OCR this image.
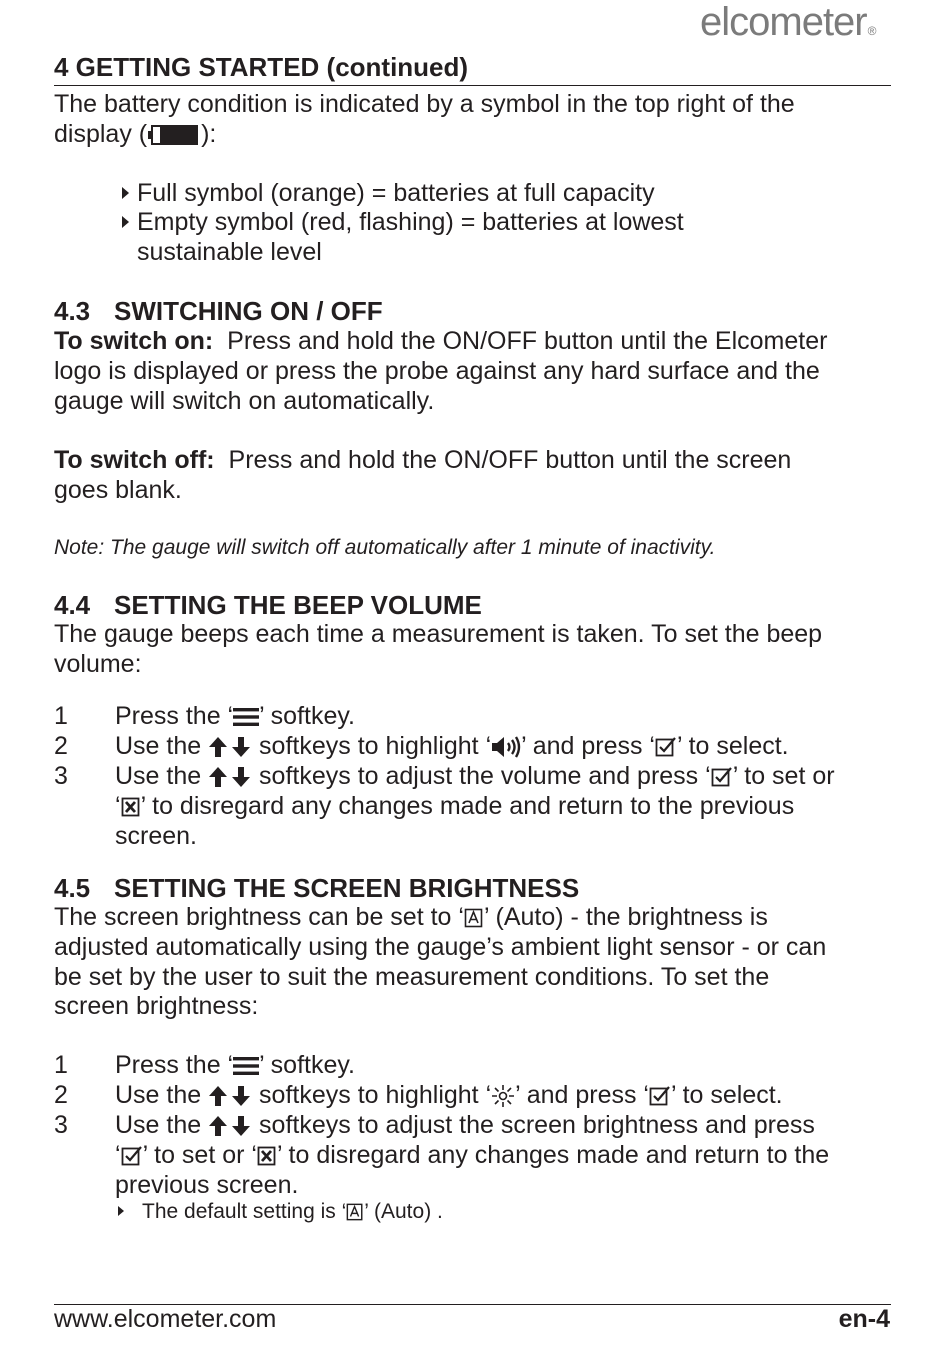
elcometer®
4 GETTING STARTED (continued)
The battery condition is indicated by a symbol in the top right of the
display ( ):
Full symbol (orange) = batteries at full capacity
Empty symbol (red, flashing) = batteries at lowest
sustainable level
4.3 SWITCHING ON / OFF
To switch on: Press and hold the ON/OFF button until the Elcometer
logo is displayed or press the probe against any hard surface and the
gauge will switch on automatically.
To switch off: Press and hold the ON/OFF button until the screen
goes blank.
Note: The gauge will switch off automatically after 1 minute of inactivity.
4.4 SETTING THE BEEP VOLUME
The gauge beeps each time a measurement is taken. To set the beep
volume:
1 Press the ‘ ’ softkey.
2 Use the  softkeys to highlight ‘ ’ and press ‘ ’ to select.
3 Use the  softkeys to adjust the volume and press ‘ ’ to set or
‘ ’ to disregard any changes made and return to the previous
screen.
4.5 SETTING THE SCREEN BRIGHTNESS
The screen brightness can be set to ‘ ’ (Auto) - the brightness is
adjusted automatically using the gauge’s ambient light sensor - or can
be set by the user to suit the measurement conditions. To set the
screen brightness:
1 Press the ‘ ’ softkey.
2 Use the  softkeys to highlight ‘ ’ and press ‘ ’ to select.
3 Use the  softkeys to adjust the screen brightness and press
‘ ’ to set or ‘ ’ to disregard any changes made and return to the
previous screen.
The default setting is ‘ ’ (Auto) .
www.elcometer.com	en-4
